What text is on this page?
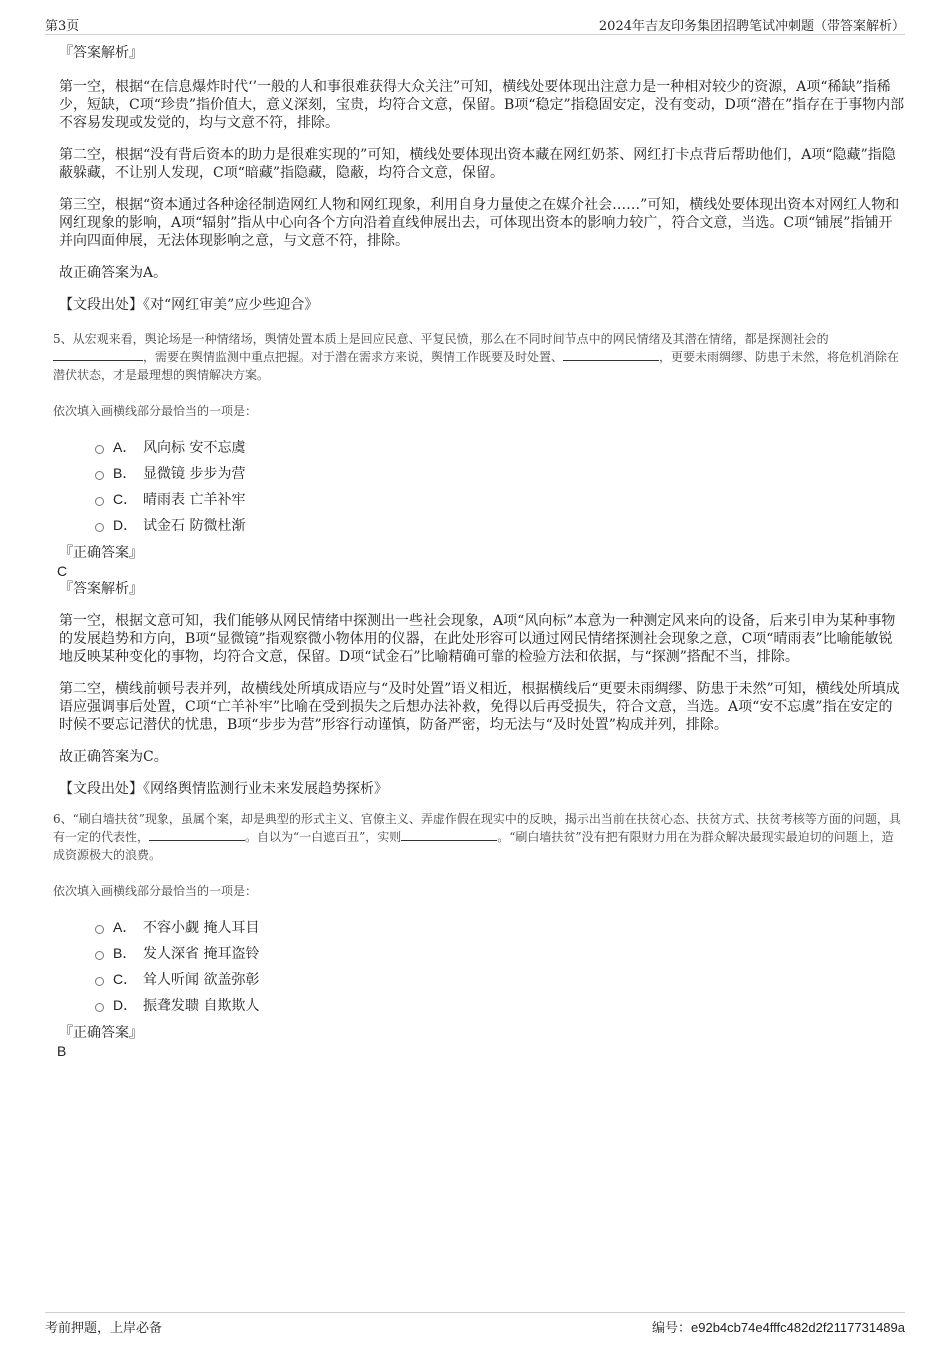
第3页	2024年吉友印务集团招聘笔试冲刺题（带答案解析）
『答案解析』

第一空，根据“在信息爆炸时代‘’一般的人和事很难获得大众关注”可知，横线处要体现出注意力是一种相对较少的资源，A项“稀缺”指稀少，短缺，C项“珍贵”指价值大，意义深刻，宝贵，均符合文意，保留。B项“稳定”指稳固安定，没有变动，D项“潜在”指存在于事物内部不容易发现或发觉的，均与文意不符，排除。

第二空，根据“没有背后资本的助力是很难实现的”可知，横线处要体现出资本藏在网红奶茶、网红打卡点背后帮助他们，A项“隐藏”指隐蔽躲藏，不让别人发现，C项“暗藏”指隐藏，隐蔽，均符合文意，保留。

第三空，根据“资本通过各种途径制造网红人物和网红现象，利用自身力量使之在媒介社会……”可知，横线处要体现出资本对网红人物和网红现象的影响，A项“辐射”指从中心向各个方向沿着直线伸展出去，可体现出资本的影响力较广，符合文意，当选。C项“铺展”指铺开并向四面伸展，无法体现影响之意，与文意不符，排除。

故正确答案为A。

【文段出处】《对“网红审美”应少些迎合》

5、从宏观来看，舆论场是一种情绪场，舆情处置本质上是回应民意、平复民愤，那么在不同时间节点中的网民情绪及其潜在情绪，都是探测社会的，需要在舆情监测中重点把握。对于潜在需求方来说，舆情工作既要及时处置、	，更要未雨绸缪、防患于未然，将危机消除在潜伏状态，才是最理想的舆情解决方案。
依次填入画横线部分最恰当的一项是：
A． 风向标 安不忘虞
B． 显微镜 步步为营
C． 晴雨表 亡羊补牢
D． 试金石 防微杜渐
『正确答案』
C
『答案解析』

第一空，根据文意可知，我们能够从网民情绪中探测出一些社会现象，A项“风向标”本意为一种测定风来向的设备，后来引申为某种事物的发展趋势和方向，B项“显微镜”指观察微小物体用的仪器，在此处形容可以通过网民情绪探测社会现象之意，C项“晴雨表”比喻能敏锐地反映某种变化的事物，均符合文意，保留。D项“试金石”比喻精确可靠的检验方法和依据，与“探测”搭配不当，排除。

第二空，横线前顿号表并列，故横线处所填成语应与“及时处置”语义相近，根据横线后“更要未雨绸缪、防患于未然”可知，横线处所填成语应强调事后处置，C项“亡羊补牢”比喻在受到损失之后想办法补救，免得以后再受损失，符合文意，当选。A项“安不忘虞”指在安定的时候不要忘记潜伏的忧患，B项“步步为营”形容行动谨慎，防备严密，均无法与“及时处置”构成并列，排除。

故正确答案为C。

【文段出处】《网络舆情监测行业未来发展趋势探析》

6、“刷白墙扶贫”现象，虽属个案，却是典型的形式主义、官僚主义、弄虚作假在现实中的反映，揭示出当前在扶贫心态、扶贫方式、扶贫考核等方面的问题，具有一定的代表性，	。自以为“一白遮百丑”，实则	。“刷白墙扶贫”没有把有限财力用在为群众解决最现实最迫切的问题上，造成资源极大的浪费。
依次填入画横线部分最恰当的一项是：
A． 不容小觑 掩人耳目
B． 发人深省 掩耳盗铃
C． 耸人听闻 欲盖弥彰
D． 振聋发聩 自欺欺人
『正确答案』
B
考前押题，上岸必备	编号：e92b4cb74e4fffc482d2f2117731489a
